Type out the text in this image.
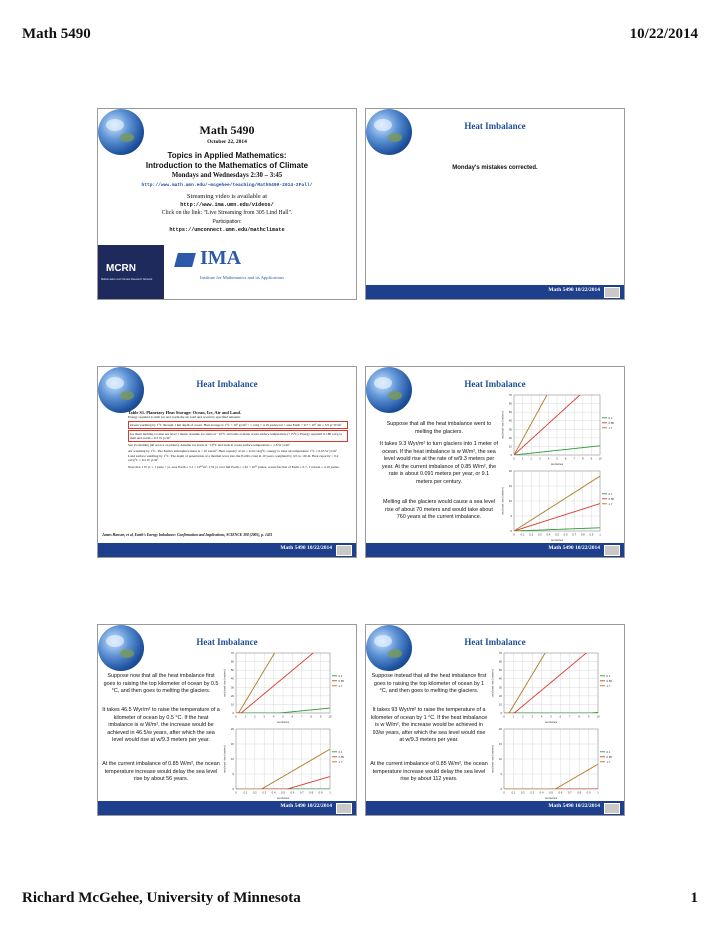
Math 5490	10/22/2014
Math 5490
October 22, 2014
Topics in Applied Mathematics:
Introduction to the Mathematics of Climate
Mondays and Wednesdays 2:30 – 3:45
http://www.math.umn.edu/~mcgehee/teaching/Math5490-2014-2Fall/
Streaming video is available at
http://www.ima.umn.edu/videos/
Click on the link: "Live Streaming from 305 Lind Hall".
Participation:
https://umconnect.umn.edu/mathclimate
MCRN
Mathematics and Climate Research Network
IMA
Institute for Mathematics and its Applications
Heat Imbalance
Monday's mistakes corrected.
Math 5490 10/22/2014
Heat Imbalance
Table S1. Planetary Heat Storage: Ocean, Ice, Air and Land.
Energy required to melt ice and warm the air, land and ocean by specified amounts
Ocean warming by 1°C through 1 km depth of ocean. Heat storage is 1°C × 10³ g/cm³ × 1 cal/g × 4.19 joules/cal × area Earth × 0.7 × 10⁵ cm = 5.9 yr·W/m²
Ice sheet melting to raise sea level 1 meter. Assume ice starts at −10°C and ends at mean ocean surface temperature (+15°C). Energy required is 180 cal/g to melt and warm = 0.3 W yr/m²
Sea ice melting (all sea ice on planet). Assume ice starts at −10°C and ends at ocean surface temperature = 1.8 W yr/m²
Air warming by 1°C. The Earth's atmosphere mass is ~ 10 ton/m². Heat capacity of air = 0.24 cal/g°C, energy to raise air temperature 1°C = 0.05 W yr/m²
Land surface warming by 1°C. The depth of penetration of a thermal wave into the Earth's crust in 10 years, weighted by ΔT, is ~20 m. Heat capacity ~ 0.2 cal/g°C = 0.2 W yr/m²
Note that 1 W yr = 1 joule × yr, area Earth = 5.1 × 10¹⁴ m², 1 W yr over full Earth = 1.61 × 10²¹ joules, ocean fraction of Earth = 0.7, 1 calorie = 4.19 joules.
James Hansen, et al, Earth's Energy Imbalance: Confirmation and Implications, SCIENCE 308 (2005), p. 1431
Math 5490 10/22/2014
Heat Imbalance
Suppose that all the heat imbalance went to melting the glaciers.
It takes 9.3 Wyr/m² to turn glaciers into 1 meter of ocean. If the heat imbalance is w W/m², the sea level would rise at the rate of w/9.3 meters per year. At the current imbalance of 0.85 W/m², the rate is about 0.091 meters per year, or 9.1 meters per century.
Melting all the glaciers would cause a sea level rise of about 70 meters and would take about 760 years at the current imbalance.
0	1	2	3	4	5	6	7	8	9 10
0
10
20
30
40
50
60
70
centuries
sea level rise (meters)	0.1
0.85
1.7
0 0.1 0.2 0.3 0.4 0.5 0.6 0.7 0.8 0.9 1
0
5
10
15
20
centuries
sea level rise (meters)	0.1
0.85
1.7
Math 5490 10/22/2014
Heat Imbalance
Suppose now that all the heat imbalance first goes to raising the top kilometer of ocean by 0.5 °C, and then goes to melting the glaciers.
It takes 46.5 Wyr/m² to raise the temperature of a kilometer of ocean by 0.5 °C. If the heat imbalance is w W/m², the increase would be achieved in 46.5/w years, after which the sea level would rise at w/9.3 meters per year.
At the current imbalance of 0.85 W/m², the ocean temperature increase would delay the sea level rise by about 56 years.
0	1	2	3	4	5	6	7	8	9	10
0
10
20
30
40
50
60
70
centuries
sea level rise (meters)	0.1
0.85
1.7
0 0.1 0.2 0.3 0.4 0.5 0.6 0.7 0.8 0.9 1
0
5
10
15
20
centuries
sea level rise (meters)	0.1
0.85
1.7
Math 5490 10/22/2014
Heat Imbalance
Suppose instead that all the heat imbalance first goes to raising the top kilometer of ocean by 1 °C, and then goes to melting the glaciers.
It takes 93 Wyr/m² to raise the temperature of a kilometer of ocean by 1 °C. If the heat imbalance is w W/m², the increase would be achieved in 93/w years, after which the sea level would rise at w/9.3 meters per year.
At the current imbalance of 0.85 W/m², the ocean temperature increase would delay the sea level rise by about 112 years.
0	1	2	3	4	5	6	7	8	9	10
0
10
20
30
40
50
60
70
centuries
sea level rise (meters)	0.1
0.85
1.7
0 0.1 0.2 0.3 0.4 0.5 0.6 0.7 0.8 0.9 1
0
5
10
15
20
centuries
sea level rise (meters)	0.1
0.85
1.7
Math 5490 10/22/2014
Richard McGehee, University of Minnesota	1
